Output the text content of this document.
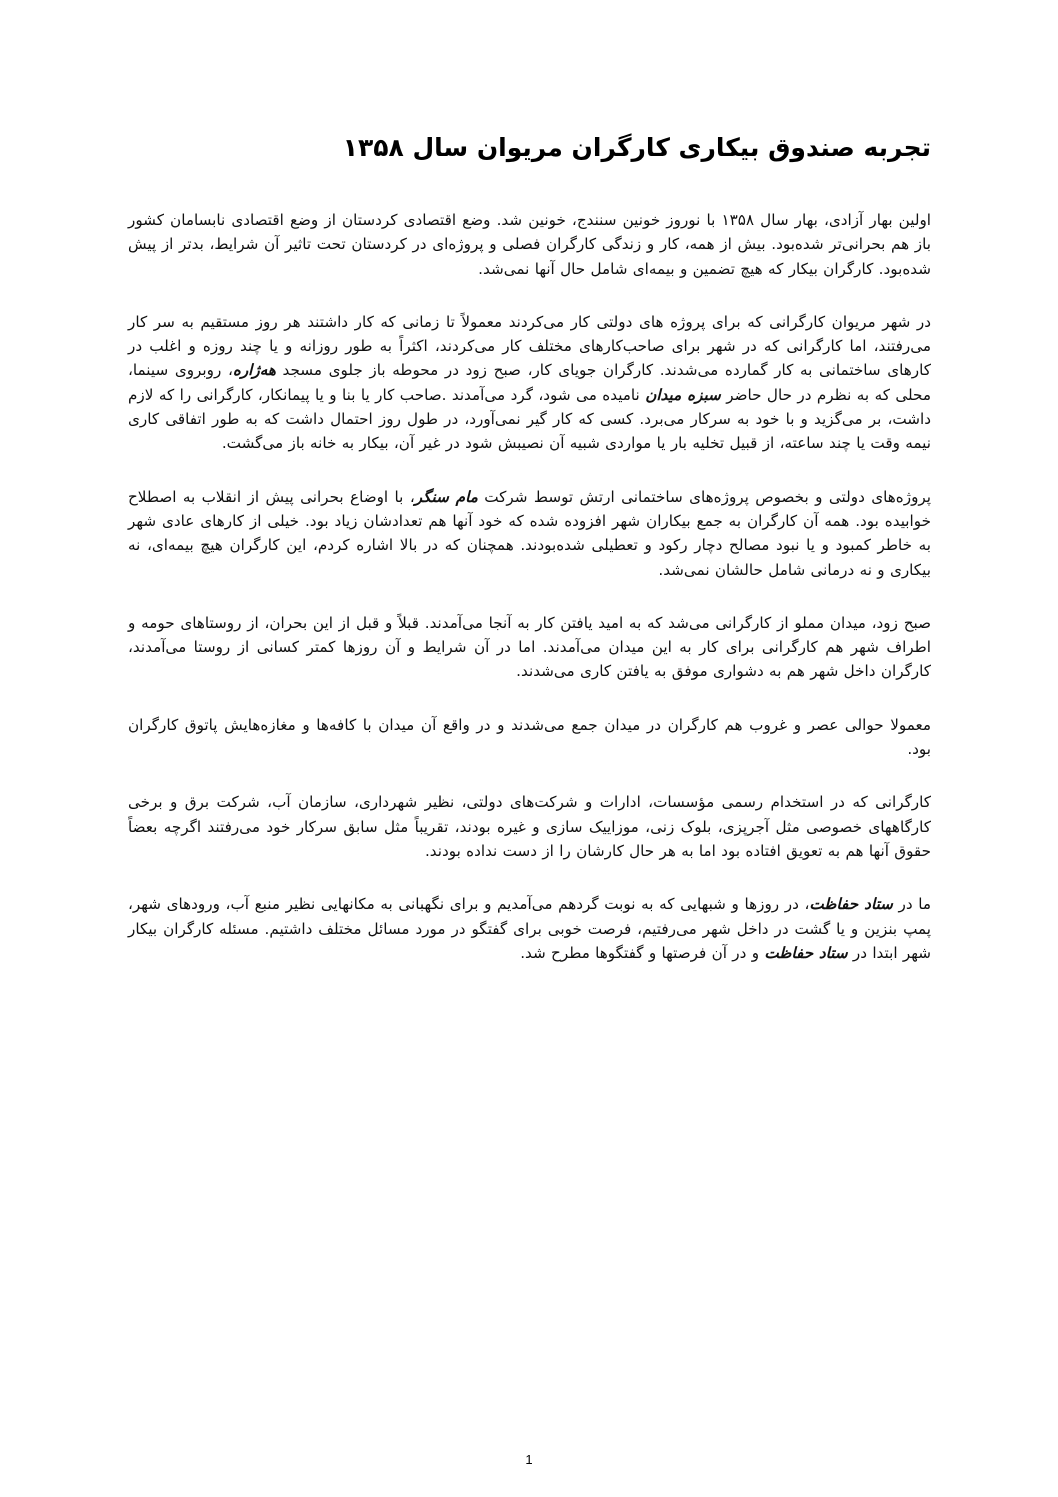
تجربه صندوق بیکاری کارگران مریوان سال ۱۳۵۸

اولین بهار آزادی، بهار سال ۱۳۵۸ با نوروز خونین سنندج، خونین شد. وضع اقتصادی کردستان از وضع اقتصادی نابسامان کشور باز هم بحرانی‌تر شده‌بود. بیش از همه، کار و زندگی کارگران فصلی و پروژه‌ای در کردستان تحت تاثیر آن شرایط، بدتر از پیش شده‌بود. کارگران بیکار که هیچ تضمین و بیمه‌ای شامل حال آنها نمی‌شد.

در شهر مریوان کارگرانی که برای پروژه های دولتی کار می‌کردند معمولاً تا زمانی که کار داشتند هر روز مستقیم به سر کار می‌رفتند، اما کارگرانی که در شهر برای صاحب‌کارهای مختلف کار می‌کردند، اکثراً به طور روزانه و یا چند روزه و اغلب در کارهای ساختمانی به کار گمارده می‌شدند. کارگران جویای کار، صبح زود در محوطه باز جلوی مسجد هه‌ژاره، روبروی سینما، محلی که به نظرم در حال حاضر سبزه میدان نامیده می شود، گرد می‌آمدند .صاحب کار یا بنا و یا پیمانکار، کارگرانی را که لازم داشت، بر می‌گزید و با خود به سرکار می‌برد. کسی که کار گیر نمی‌آورد، در طول روز احتمال داشت که به طور اتفاقی کاری نیمه وقت یا چند ساعته، از قبیل تخلیه بار یا مواردی شبیه آن نصیبش شود در غیر آن، بیکار به خانه باز می‌گشت.

پروژه‌های دولتی و بخصوص پروژه‌های ساختمانی ارتش توسط شرکت مام سنگر، با اوضاع بحرانی پیش از انقلاب به اصطلاح خوابیده بود. همه آن کارگران به جمع بیکاران شهر افزوده شده که خود آنها هم تعدادشان زیاد بود. خیلی از کارهای عادی شهر به خاطر کمبود و یا نبود مصالح دچار رکود و تعطیلی شده‌بودند. همچنان که در بالا اشاره کردم، این کارگران هیچ بیمه‌ای، نه بیکاری و نه درمانی شامل حالشان نمی‌شد.

صبح زود، میدان مملو از کارگرانی می‌شد که به امید یافتن کار به آنجا می‌آمدند. قبلاً و قبل از این بحران، از روستاهای حومه و اطراف شهر هم کارگرانی برای کار به این میدان می‌آمدند. اما در آن شرایط و آن روزها کمتر کسانی از روستا می‌آمدند، کارگران داخل شهر هم به دشواری موفق به یافتن کاری می‌شدند.

معمولا حوالی عصر و غروب هم کارگران در میدان جمع می‌شدند و در واقع آن میدان با کافه‌ها و مغازه‌هایش پاتوق کارگران بود.

کارگرانی که در استخدام رسمی مؤسسات، ادارات و شرکت‌های دولتی، نظیر شهرداری، سازمان آب، شرکت برق و برخی کارگاههای خصوصی مثل آجرپزی، بلوک زنی، موزاییک سازی و غیره بودند، تقریباً مثل سابق سرکار خود می‌رفتند اگرچه بعضاً حقوق آنها هم به تعویق افتاده بود اما به هر حال کارشان را از دست نداده بودند.

ما در ستاد حفاظت، در روزها و شبهایی که به نوبت گردهم می‌آمدیم و برای نگهبانی به مکانهایی نظیر منبع آب، ورودهای شهر، پمپ بنزین و یا گشت در داخل شهر می‌رفتیم، فرصت خوبی برای گفتگو در مورد مسائل مختلف داشتیم. مسئله کارگران بیکار شهر ابتدا در ستاد حفاظت و در آن فرصتها و گفتگوها مطرح شد.

1
